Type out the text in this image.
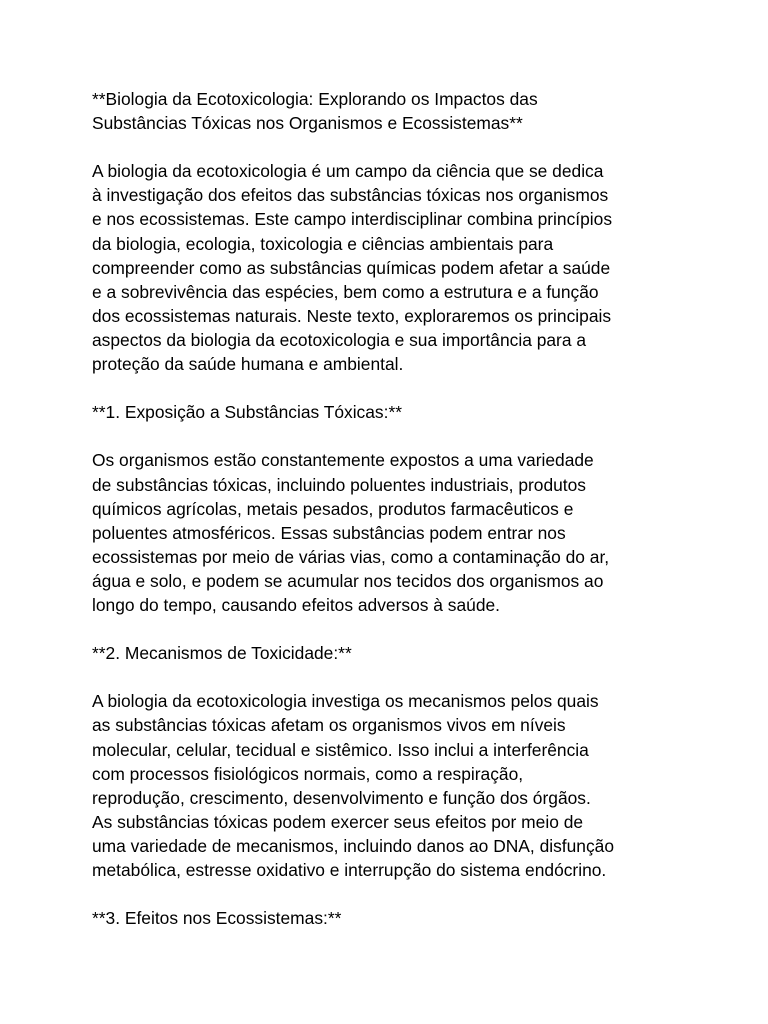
**Biologia da Ecotoxicologia: Explorando os Impactos das
Substâncias Tóxicas nos Organismos e Ecossistemas**
A biologia da ecotoxicologia é um campo da ciência que se dedica
à investigação dos efeitos das substâncias tóxicas nos organismos
e nos ecossistemas. Este campo interdisciplinar combina princípios
da biologia, ecologia, toxicologia e ciências ambientais para
compreender como as substâncias químicas podem afetar a saúde
e a sobrevivência das espécies, bem como a estrutura e a função
dos ecossistemas naturais. Neste texto, exploraremos os principais
aspectos da biologia da ecotoxicologia e sua importância para a
proteção da saúde humana e ambiental.
**1. Exposição a Substâncias Tóxicas:**
Os organismos estão constantemente expostos a uma variedade
de substâncias tóxicas, incluindo poluentes industriais, produtos
químicos agrícolas, metais pesados, produtos farmacêuticos e
poluentes atmosféricos. Essas substâncias podem entrar nos
ecossistemas por meio de várias vias, como a contaminação do ar,
água e solo, e podem se acumular nos tecidos dos organismos ao
longo do tempo, causando efeitos adversos à saúde.
**2. Mecanismos de Toxicidade:**
A biologia da ecotoxicologia investiga os mecanismos pelos quais
as substâncias tóxicas afetam os organismos vivos em níveis
molecular, celular, tecidual e sistêmico. Isso inclui a interferência
com processos fisiológicos normais, como a respiração,
reprodução, crescimento, desenvolvimento e função dos órgãos.
As substâncias tóxicas podem exercer seus efeitos por meio de
uma variedade de mecanismos, incluindo danos ao DNA, disfunção
metabólica, estresse oxidativo e interrupção do sistema endócrino.
**3. Efeitos nos Ecossistemas:**
